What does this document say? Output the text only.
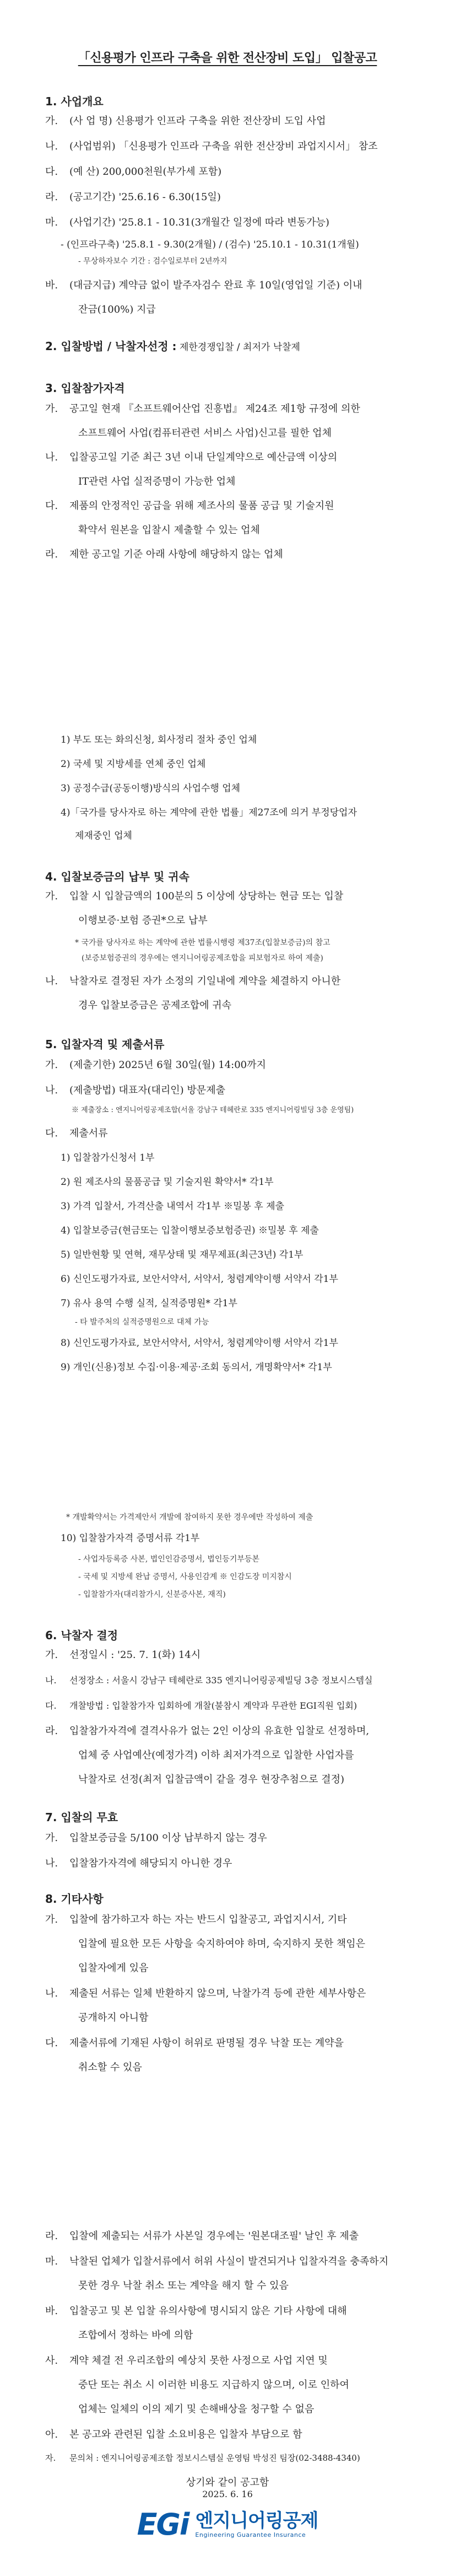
「신용평가 인프라 구축을 위한 전산장비 도입」 입찰공고
1. 사업개요
가. (사 업 명) 신용평가 인프라 구축을 위한 전산장비 도입 사업
나. (사업범위) 「신용평가 인프라 구축을 위한 전산장비 과업지시서」 참조
다. (예 산) 200,000천원(부가세 포함)
라. (공고기간) '25.6.16 - 6.30(15일)
마. (사업기간) '25.8.1 - 10.31(3개월간 일정에 따라 변동가능)
- (인프라구축) '25.8.1 - 9.30(2개월) / (검수) '25.10.1 - 10.31(1개월)
- 무상하자보수 기간 : 검수일로부터 2년까지
바. (대금지급) 계약금 없이 발주자검수 완료 후 10일(영업일 기준) 이내
잔금(100%) 지급
2. 입찰방법 / 낙찰자선정 : 제한경쟁입찰 / 최저가 낙찰제
3. 입찰참가자격
가. 공고일 현재 『소프트웨어산업 진흥법』 제24조 제1항 규정에 의한
소프트웨어 사업(컴퓨터관련 서비스 사업)신고를 필한 업체
나. 입찰공고일 기준 최근 3년 이내 단일계약으로 예산금액 이상의
IT관련 사업 실적증명이 가능한 업체
다. 제품의 안정적인 공급을 위해 제조사의 물품 공급 및 기술지원
확약서 원본을 입찰시 제출할 수 있는 업체
라. 제한 공고일 기준 아래 사항에 해당하지 않는 업체
1) 부도 또는 화의신청, 회사정리 절차 중인 업체
2) 국세 및 지방세를 연체 중인 업체
3) 공정수급(공동이행)방식의 사업수행 업체
4)「국가를 당사자로 하는 계약에 관한 법률」제27조에 의거 부정당업자
제재중인 업체
4. 입찰보증금의 납부 및 귀속
가. 입찰 시 입찰금액의 100분의 5 이상에 상당하는 현금 또는 입찰
이행보증·보험 증권*으로 납부
* 국가를 당사자로 하는 계약에 관한 법률시행령 제37조(입찰보증금)의 참고
(보증보험증권의 경우에는 엔지니어링공제조합을 피보험자로 하여 제출)
나. 낙찰자로 결정된 자가 소정의 기일내에 계약을 체결하지 아니한
경우 입찰보증금은 공제조합에 귀속
5. 입찰자격 및 제출서류
가. (제출기한) 2025년 6월 30일(월) 14:00까지
나. (제출방법) 대표자(대리인) 방문제출
※ 제출장소 : 엔지니어링공제조합(서울 강남구 테헤란로 335 엔지니어링빌딩 3층 운영팀)
다. 제출서류
1) 입찰참가신청서 1부
2) 원 제조사의 물품공급 및 기술지원 확약서* 각1부
3) 가격 입찰서, 가격산출 내역서 각1부 ※밀봉 후 제출
4) 입찰보증금(현금또는 입찰이행보증보험증권) ※밀봉 후 제출
5) 일반현황 및 연혁, 재무상태 및 재무제표(최근3년) 각1부
6) 신인도평가자료, 보안서약서, 서약서, 청렴계약이행 서약서 각1부
7) 유사 용역 수행 실적, 실적증명원* 각1부
- 타 발주처의 실적증명원으로 대체 가능
8) 신인도평가자료, 보안서약서, 서약서, 청렴계약이행 서약서 각1부
9) 개인(신용)정보 수집·이용·제공·조회 동의서, 개명확약서* 각1부
* 개발확약서는 가격제안서 개발에 참여하지 못한 경우에만 작성하여 제출
10) 입찰참가자격 증명서류 각1부
- 사업자등록증 사본, 법인인감증명서, 법인등기부등본
- 국세 및 지방세 완납 증명서, 사용인감계 ※ 인감도장 미지참시
- 입찰참가자(대리참가시, 신분증사본, 재직)
6. 낙찰자 결정
가. 선정일시 : '25. 7. 1(화) 14시
나. 선정장소 : 서울시 강남구 테헤란로 335 엔지니어링공제빌딩 3층 정보시스템실
다. 개찰방법 : 입찰참가자 입회하에 개찰(불참시 계약과 무관한 EGI직원 입회)
라. 입찰참가자격에 결격사유가 없는 2인 이상의 유효한 입찰로 선정하며,
업체 중 사업예산(예정가격) 이하 최저가격으로 입찰한 사업자를
낙찰자로 선정(최저 입찰금액이 같을 경우 현장추첨으로 결정)
7. 입찰의 무효
가. 입찰보증금을 5/100 이상 납부하지 않는 경우
나. 입찰참가자격에 해당되지 아니한 경우
8. 기타사항
가. 입찰에 참가하고자 하는 자는 반드시 입찰공고, 과업지시서, 기타
입찰에 필요한 모든 사항을 숙지하여야 하며, 숙지하지 못한 책임은
입찰자에게 있음
나. 제출된 서류는 일체 반환하지 않으며, 낙찰가격 등에 관한 세부사항은
공개하지 아니함
다. 제출서류에 기재된 사항이 허위로 판명될 경우 낙찰 또는 계약을
취소할 수 있음
라. 입찰에 제출되는 서류가 사본일 경우에는 '원본대조필' 날인 후 제출
마. 낙찰된 업체가 입찰서류에서 허위 사실이 발견되거나 입찰자격을 충족하지
못한 경우 낙찰 취소 또는 계약을 해지 할 수 있음
바. 입찰공고 및 본 입찰 유의사항에 명시되지 않은 기타 사항에 대해
조합에서 정하는 바에 의함
사. 계약 체결 전 우리조합의 예상치 못한 사정으로 사업 지연 및
중단 또는 취소 시 이러한 비용도 지급하지 않으며, 이로 인하여
업체는 일체의 이의 제기 및 손해배상을 청구할 수 없음
아. 본 공고와 관련된 입찰 소요비용은 입찰자 부담으로 함
자. 문의처 : 엔지니어링공제조합 정보시스템실 운영팀 박성진 팀장(02-3488-4340)
상기와 같이 공고함
2025. 6. 16
EGi 엔지니어링공제
Engineering Guarantee Insurance
